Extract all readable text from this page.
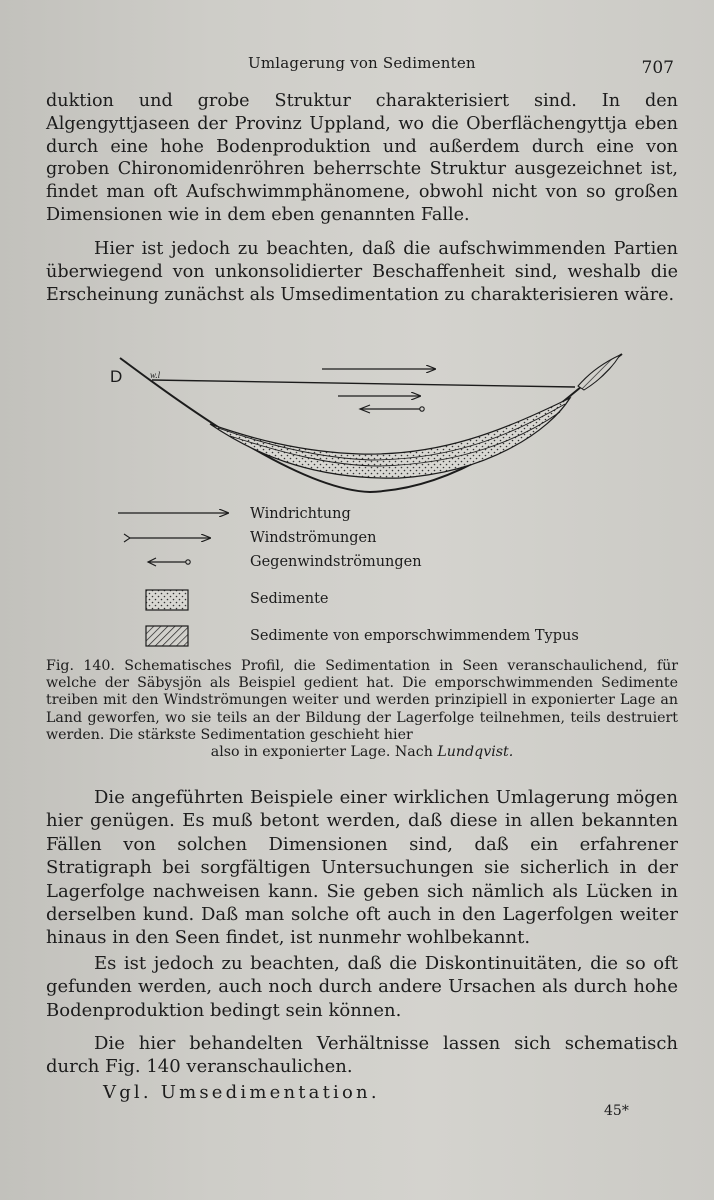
Umlagerung von Sedimenten	707

duktion und grobe Struktur charakterisiert sind. In den Algengyttjaseen der Provinz Uppland, wo die Oberflächengyttja eben durch eine hohe Bodenproduktion und außerdem durch eine von groben Chironomidenröhren beherrschte Struktur ausgezeichnet ist, findet man oft Aufschwimmphänomene, obwohl nicht von so großen Dimensionen wie in dem eben genannten Falle.

Hier ist jedoch zu beachten, daß die aufschwimmenden Partien überwiegend von unkonsolidierter Beschaffenheit sind, weshalb die Erscheinung zunächst als Umsedimentation zu charakterisieren wäre.

D	w.l
Windrichtung
Windströmungen
Gegenwindströmungen
Sedimente
Sedimente von emporschwimmendem Typus
Fig. 140. Schematisches Profil, die Sedimentation in Seen veranschaulichend, für welche der Säbysjön als Beispiel gedient hat. Die emporschwimmenden Sedimente treiben mit den Windströmungen weiter und werden prinzipiell in exponierter Lage an Land geworfen, wo sie teils an der Bildung der Lagerfolge teilnehmen, teils destruiert werden. Die stärkste Sedimentation geschieht hier
also in exponierter Lage. Nach Lundqvist.

Die angeführten Beispiele einer wirklichen Umlagerung mögen hier genügen. Es muß betont werden, daß diese in allen bekannten Fällen von solchen Dimensionen sind, daß ein erfahrener Stratigraph bei sorgfältigen Untersuchungen sie sicherlich in der Lagerfolge nachweisen kann. Sie geben sich nämlich als Lücken in derselben kund. Daß man solche oft auch in den Lagerfolgen weiter hinaus in den Seen findet, ist nunmehr wohlbekannt.

Es ist jedoch zu beachten, daß die Diskontinuitäten, die so oft gefunden werden, auch noch durch andere Ursachen als durch hohe Bodenproduktion bedingt sein können.

Die hier behandelten Verhältnisse lassen sich schematisch durch Fig. 140 veranschaulichen.

Vgl. Umsedimentation.
45*
